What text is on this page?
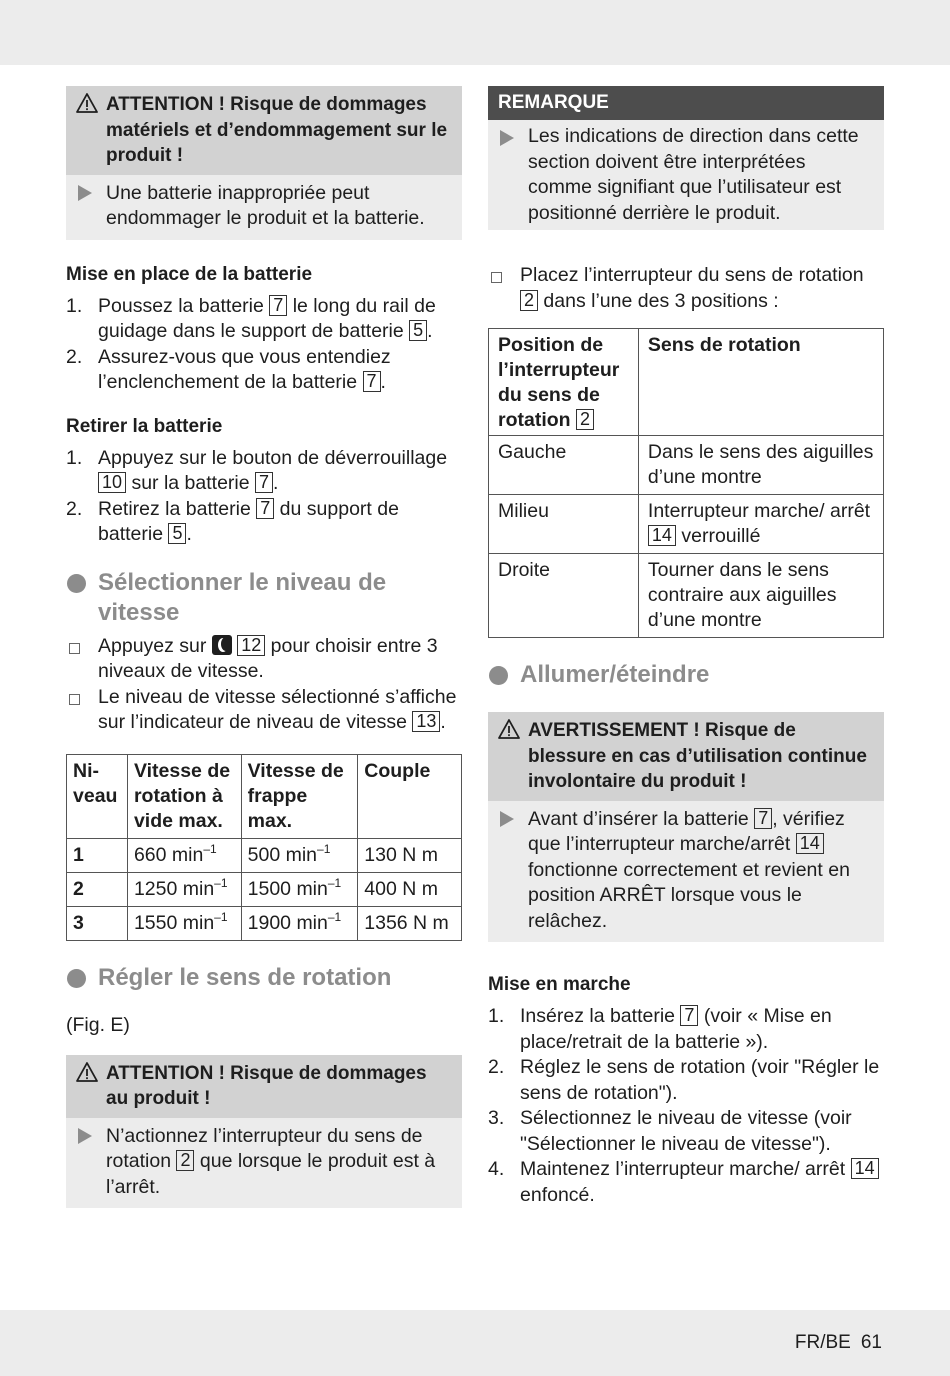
ATTENTION ! Risque de dommages matériels et d’endommagement sur le produit !
Une batterie inappropriée peut endommager le produit et la batterie.
Mise en place de la batterie
1. Poussez la batterie 7 le long du rail de guidage dans le support de batterie 5 .
2. Assurez-vous que vous entendiez l’enclenchement de la batterie 7 .
Retirer la batterie
1. Appuyez sur le bouton de déverrouillage 10 sur la batterie 7 .
2. Retirez la batterie 7 du support de batterie 5 .
Sélectionner le niveau de vitesse
Appuyez sur  12 pour choisir entre 3 niveaux de vitesse.
Le niveau de vitesse sélectionné s’affiche sur l’indicateur de niveau de vitesse 13 .
Ni-
veau	Vitesse de rotation à vide max.	Vitesse de frappe max.	Couple
1	660 $\min^{-1}$	500 $\min^{-1}$	130 N m
2	1250 $\min^{-1}$	1500 $\min^{-1}$	400 N m
3	1550 $\min^{-1}$	1900 $\min^{-1}$	1356 N m
Régler le sens de rotation
(Fig. E)
ATTENTION ! Risque de dommages au produit !
N’actionnez l’interrupteur du sens de rotation 2 que lorsque le produit est à l’arrêt.
REMARQUE
Les indications de direction dans cette section doivent être interprétées comme signifiant que l’utilisateur est positionné derrière le produit.
Placez l’interrupteur du sens de rotation 2 dans l’une des 3 positions :
Position de l’interrupteur du sens de rotation 2	Sens de rotation
Gauche	Dans le sens des aiguilles d’une montre
Milieu	Interrupteur marche/ arrêt 14 verrouillé
Droite	Tourner dans le sens contraire aux aiguilles d’une montre
Allumer/éteindre
AVERTISSEMENT ! Risque de blessure en cas d’utilisation continue involontaire du produit !
Avant d’insérer la batterie 7 , vérifiez que l’interrupteur marche/arrêt 14 fonctionne correctement et revient en position ARRÊT lorsque vous le relâchez.
Mise en marche
1. Insérez la batterie 7 (voir « Mise en place/retrait de la batterie »).
2. Réglez le sens de rotation (voir "Régler le sens de rotation").
3. Sélectionnez le niveau de vitesse (voir "Sélectionner le niveau de vitesse").
4. Maintenez l’interrupteur marche/ arrêt 14 enfoncé.
FR/BE 61
